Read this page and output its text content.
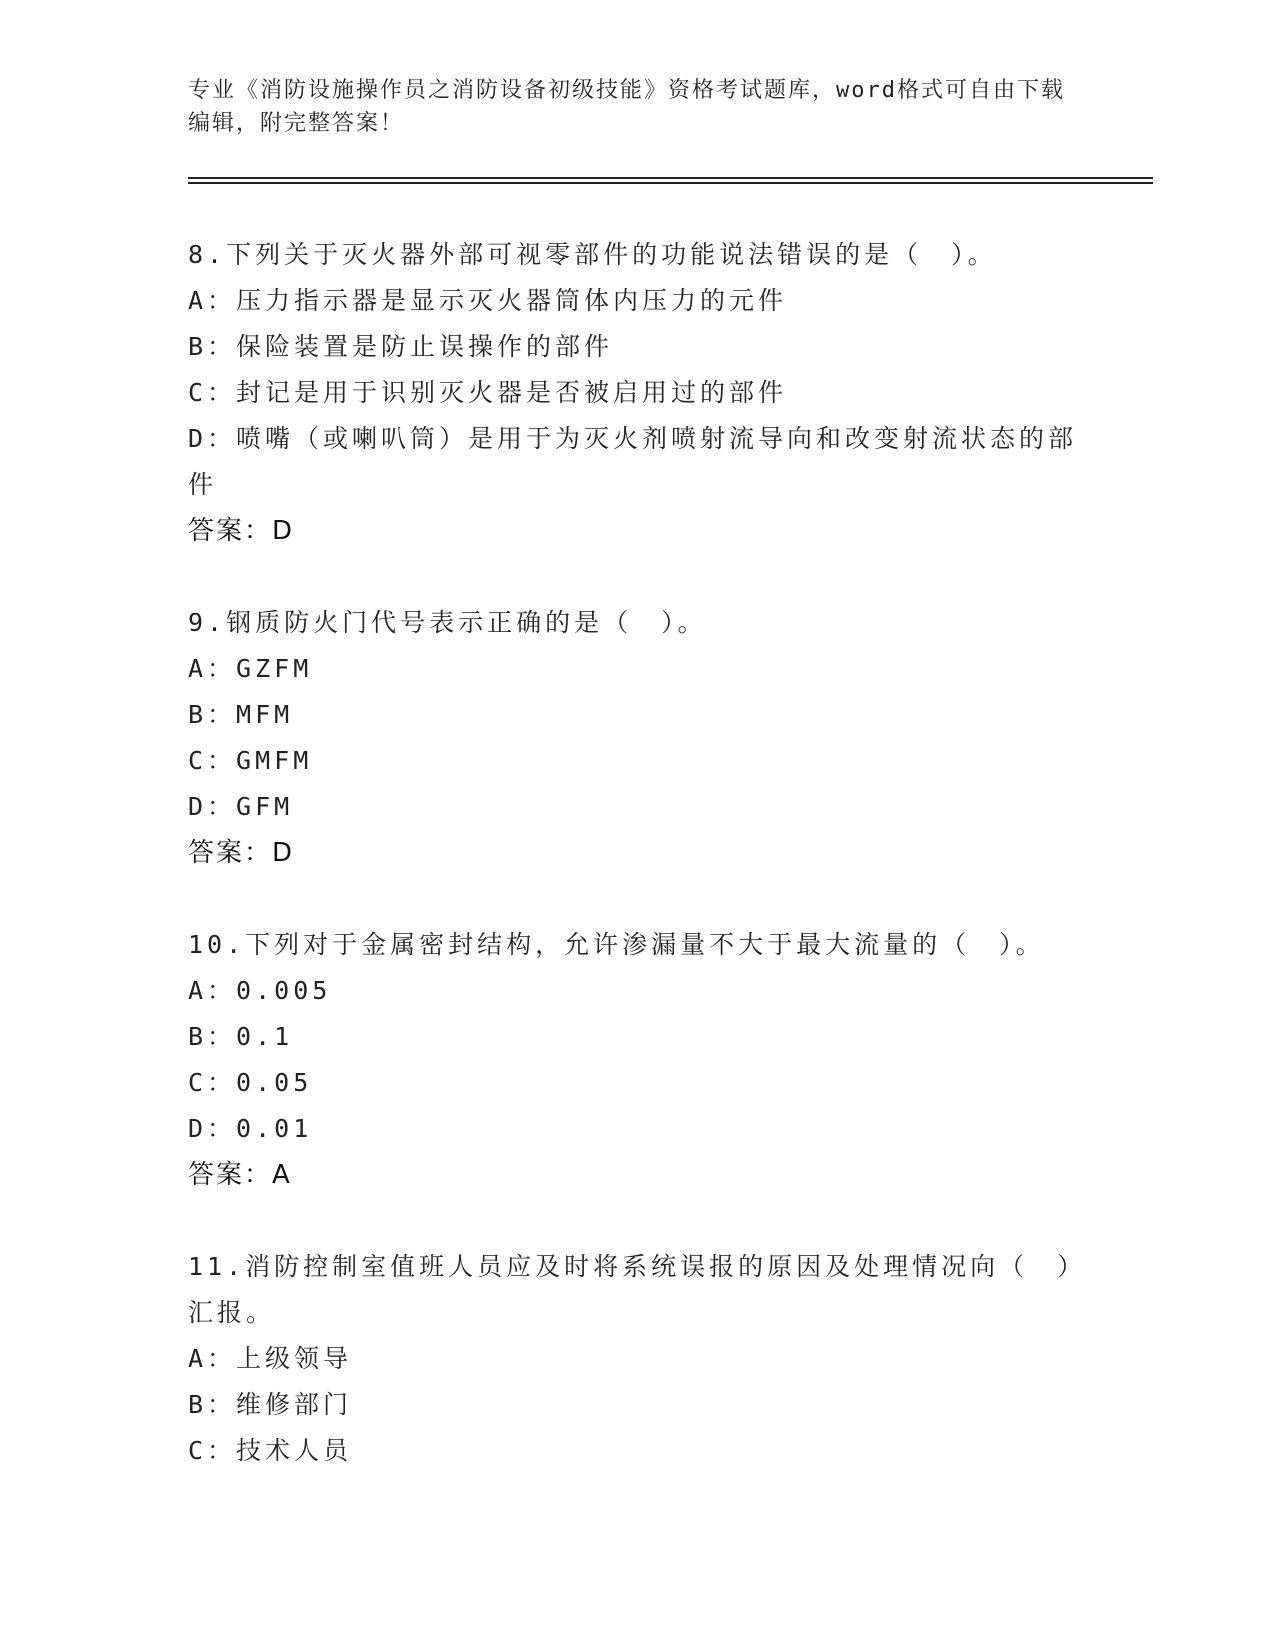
专业《消防设施操作员之消防设备初级技能》资格考试题库，word格式可自由下载编辑，附完整答案！
8.下列关于灭火器外部可视零部件的功能说法错误的是（　）。
A：压力指示器是显示灭火器筒体内压力的元件
B：保险装置是防止误操作的部件
C：封记是用于识别灭火器是否被启用过的部件
D：喷嘴（或喇叭筒）是用于为灭火剂喷射流导向和改变射流状态的部件
答案：D
9.钢质防火门代号表示正确的是（　）。
A：GZFM
B：MFM
C：GMFM
D：GFM
答案：D
10.下列对于金属密封结构，允许渗漏量不大于最大流量的（　）。
A：0.005
B：0.1
C：0.05
D：0.01
答案：A
11.消防控制室值班人员应及时将系统误报的原因及处理情况向（　）汇报。
A：上级领导
B：维修部门
C：技术人员
